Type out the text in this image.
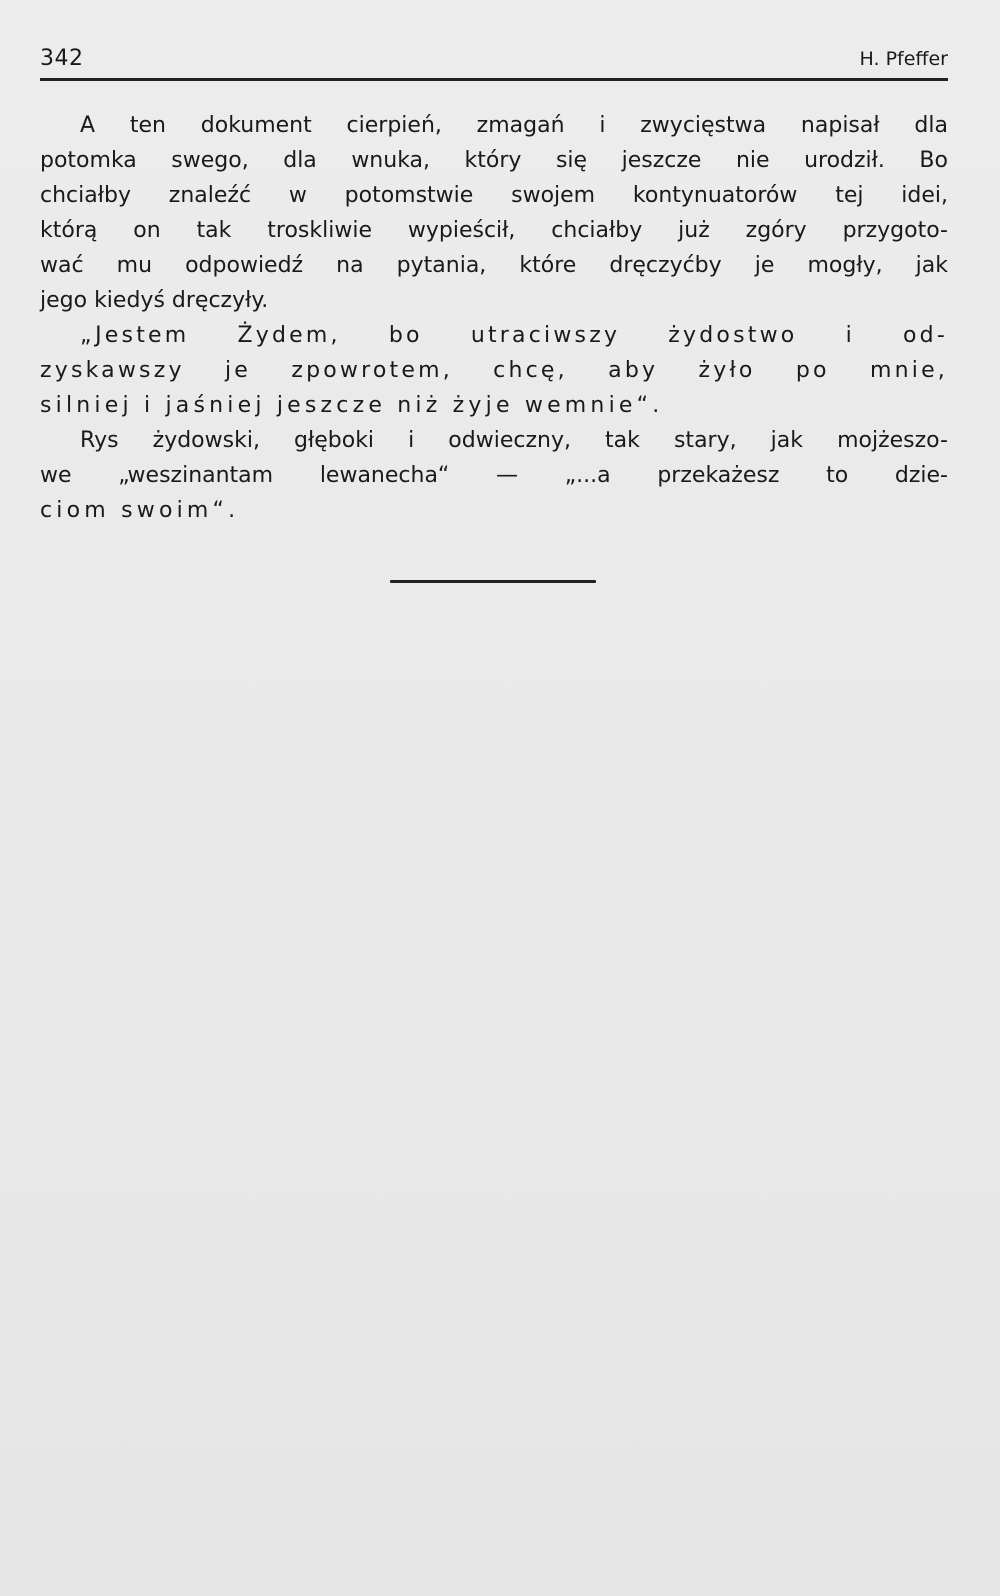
342	H. Pfeffer
A ten dokument cierpień, zmagań i zwycięstwa napisał dla
potomka swego, dla wnuka, który się jeszcze nie urodził. Bo
chciałby znaleźć w potomstwie swojem kontynuatorów tej idei,
którą on tak troskliwie wypieścił, chciałby już zgóry przygoto-
wać mu odpowiedź na pytania, które dręczyćby je mogły, jak
jego kiedyś dręczyły.
„Jestem Żydem, bo utraciwszy żydostwo i od-
zyskawszy je zpowrotem, chcę, aby żyło po mnie,
silniej i jaśniej jeszcze niż żyje wemnie“.
Rys żydowski, głęboki i odwieczny, tak stary, jak mojżeszo-
we „weszinantam lewanecha“ — „...a przekażesz to dzie-
ciom swoim“.
